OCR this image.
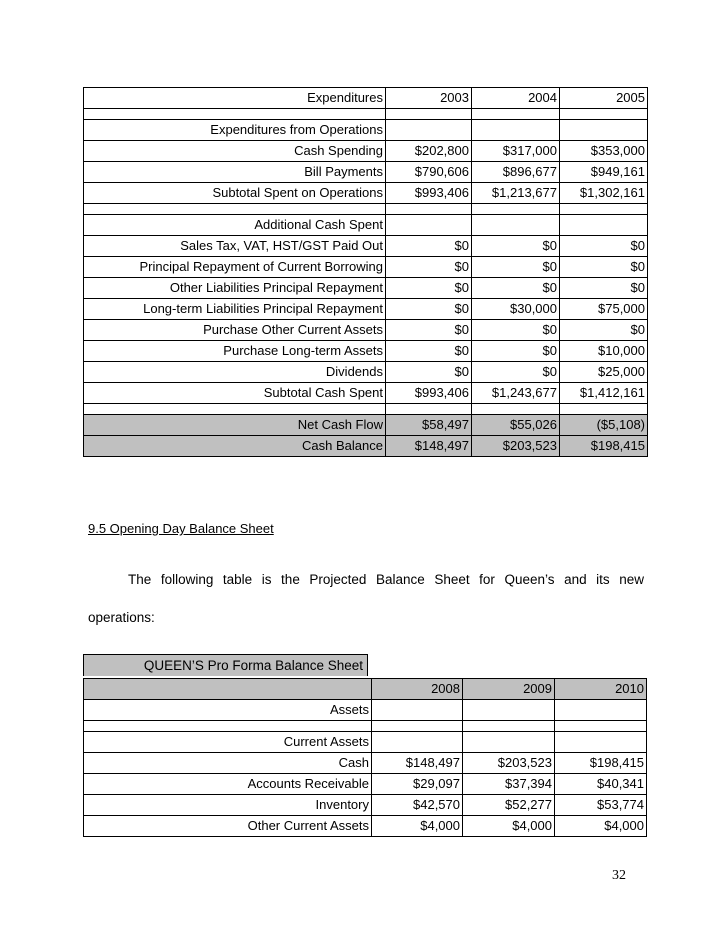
Expenditures	2003	2004	2005

Expenditures from Operations			
Cash Spending	$202,800	$317,000	$353,000
Bill Payments	$790,606	$896,677	$949,161
Subtotal Spent on Operations	$993,406	$1,213,677	$1,302,161

Additional Cash Spent			
Sales Tax, VAT, HST/GST Paid Out	$0	$0	$0
Principal Repayment of Current Borrowing	$0	$0	$0
Other Liabilities Principal Repayment	$0	$0	$0
Long-term Liabilities Principal Repayment	$0	$30,000	$75,000
Purchase Other Current Assets	$0	$0	$0
Purchase Long-term Assets	$0	$0	$10,000
Dividends	$0	$0	$25,000
Subtotal Cash Spent	$993,406	$1,243,677	$1,412,161

Net Cash Flow	$58,497	$55,026	($5,108)
Cash Balance	$148,497	$203,523	$198,415
9.5 Opening Day Balance Sheet
The following table is the Projected Balance Sheet for Queen’s and its new
operations:
QUEEN’S Pro Forma Balance Sheet
	2008	2009	2010
Assets			

Current Assets			
Cash	$148,497	$203,523	$198,415
Accounts Receivable	$29,097	$37,394	$40,341
Inventory	$42,570	$52,277	$53,774
Other Current Assets	$4,000	$4,000	$4,000
32
